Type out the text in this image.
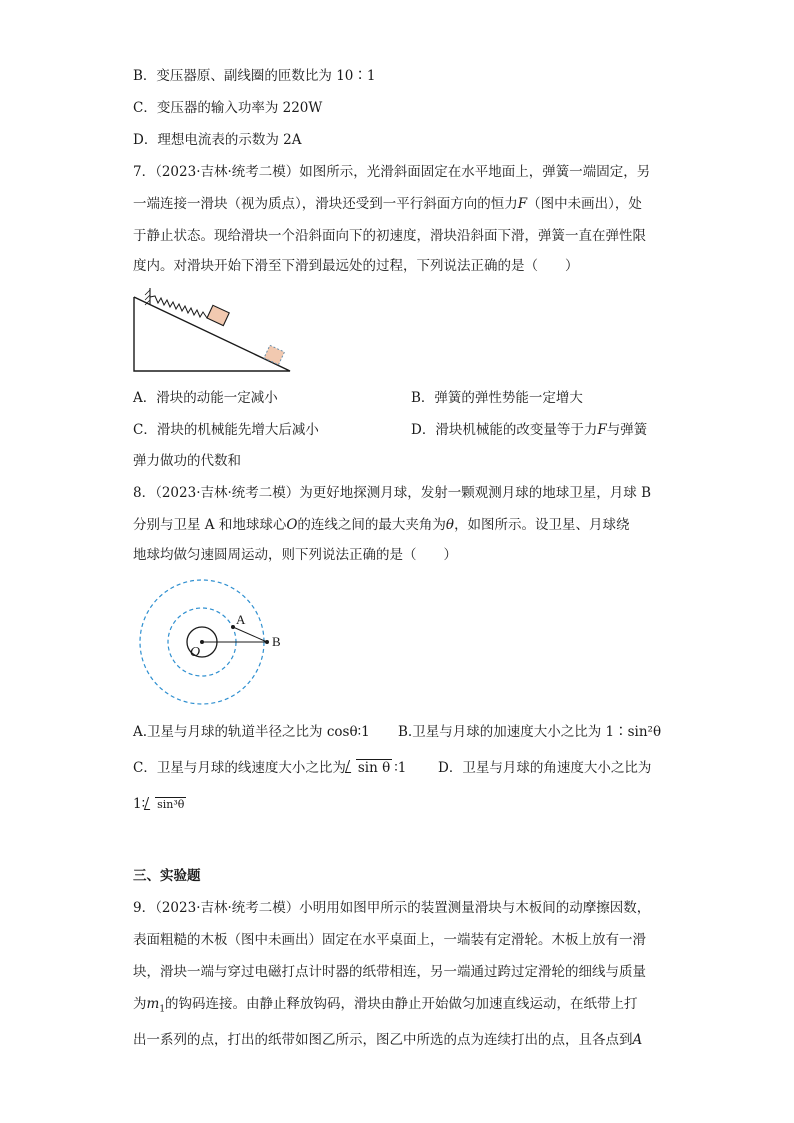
B．变压器原、副线圈的匝数比为 10∶1
C．变压器的输入功率为 220W
D．理想电流表的示数为 2A
7．（2023·吉林·统考二模）如图所示，光滑斜面固定在水平地面上，弹簧一端固定，另
一端连接一滑块（视为质点），滑块还受到一平行斜面方向的恒力F（图中未画出），处
于静止状态。现给滑块一个沿斜面向下的初速度，滑块沿斜面下滑，弹簧一直在弹性限
度内。对滑块开始下滑至下滑到最远处的过程，下列说法正确的是（　　）
A．滑块的动能一定减小	B．弹簧的弹性势能一定增大
C．滑块的机械能先增大后减小	D．滑块机械能的改变量等于力F与弹簧
弹力做功的代数和
8．（2023·吉林·统考二模）为更好地探测月球，发射一颗观测月球的地球卫星，月球 B
分别与卫星 A 和地球球心O的连线之间的最大夹角为θ，如图所示。设卫星、月球绕
地球均做匀速圆周运动，则下列说法正确的是（　　）
A
B
O
A.卫星与月球的轨道半径之比为 cosθ∶1 B.卫星与月球的加速度大小之比为 1∶sin²θ
C．卫星与月球的线速度大小之比为 sin θ ∶1 D．卫星与月球的角速度大小之比为
1∶ sin³θ
三、实验题
9．（2023·吉林·统考二模）小明用如图甲所示的装置测量滑块与木板间的动摩擦因数，
表面粗糙的木板（图中未画出）固定在水平桌面上，一端装有定滑轮。木板上放有一滑
块，滑块一端与穿过电磁打点计时器的纸带相连，另一端通过跨过定滑轮的细线与质量
为$m_1$的钩码连接。由静止释放钩码，滑块由静止开始做匀加速直线运动，在纸带上打
出一系列的点，打出的纸带如图乙所示，图乙中所选的点为连续打出的点，且各点到A
